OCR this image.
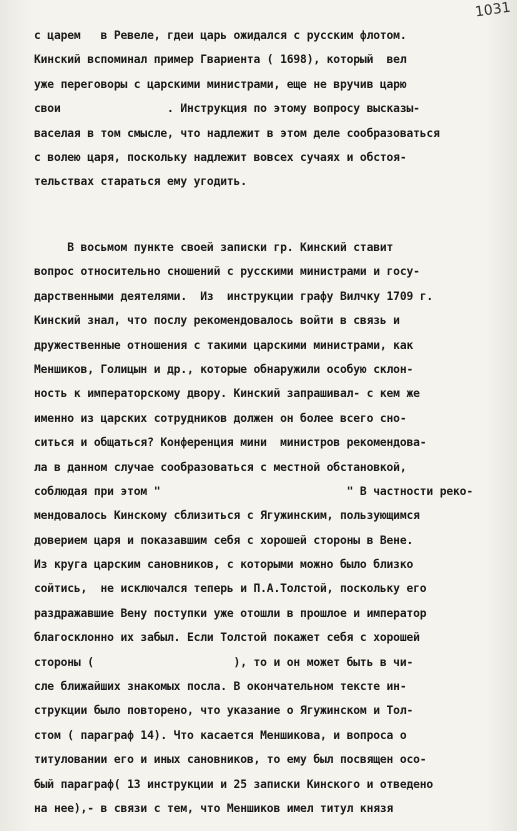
1031
с царем   в Ревеле, гдеи царь ожидался с русским флотом.
Кинский вспоминал пример Гвариента ( 1698), который  вел
уже переговоры с царскими министрами, еще не вручив царю
свои                . Инструкция по этому вопросу высказы-
васелая в том смысле, что надлежит в этом деле сообразоваться
с волею царя, поскольку надлежит вовсех сучаях и обстоя-
тельствах стараться ему угодить.
В восьмом пункте своей записки гр. Кинский ставит
вопрос относительно сношений с русскими министрами и госу-
дарственными деятелями.  Из  инструкции графу Вилчку 1709 г.
Кинский знал, что послу рекомендовалось войти в связь и
дружественные отношения с такими царскими министрами, как
Меншиков, Голицын и др., которые обнаружили особую склон-
ность к императорскому двору. Кинский запрашивал- с кем же
именно из царских сотрудников должен он более всего сно-
ситься и общаться? Конференция мини  министров рекомендова-
ла в данном случае сообразоваться с местной обстановкой,
соблюдая при этом "                            " В частности реко-
мендовалось Кинскому сблизиться с Ягужинским, пользующимся
доверием царя и показавшим себя с хорошей стороны в Вене.
Из круга царским сановников, с которыми можно было близко
сойтись,  не исключался теперь и П.А.Толстой, поскольку его
раздражавшие Вену поступки уже отошли в прошлое и император
благосклонно их забыл. Если Толстой покажет себя с хорошей
стороны (                     ), то и он может быть в чи-
сле ближайших знакомых посла. В окончательном тексте ин-
струкции было повторено, что указание о Ягужинском и Тол-
стом ( параграф 14). Что касается Меншикова, и вопроса о
титуловании его и иных сановников, то ему был посвящен осо-
бый параграф( 13 инструкции и 25 записки Кинского и отведено
на нее),- в связи с тем, что Меншиков имел титул князя
